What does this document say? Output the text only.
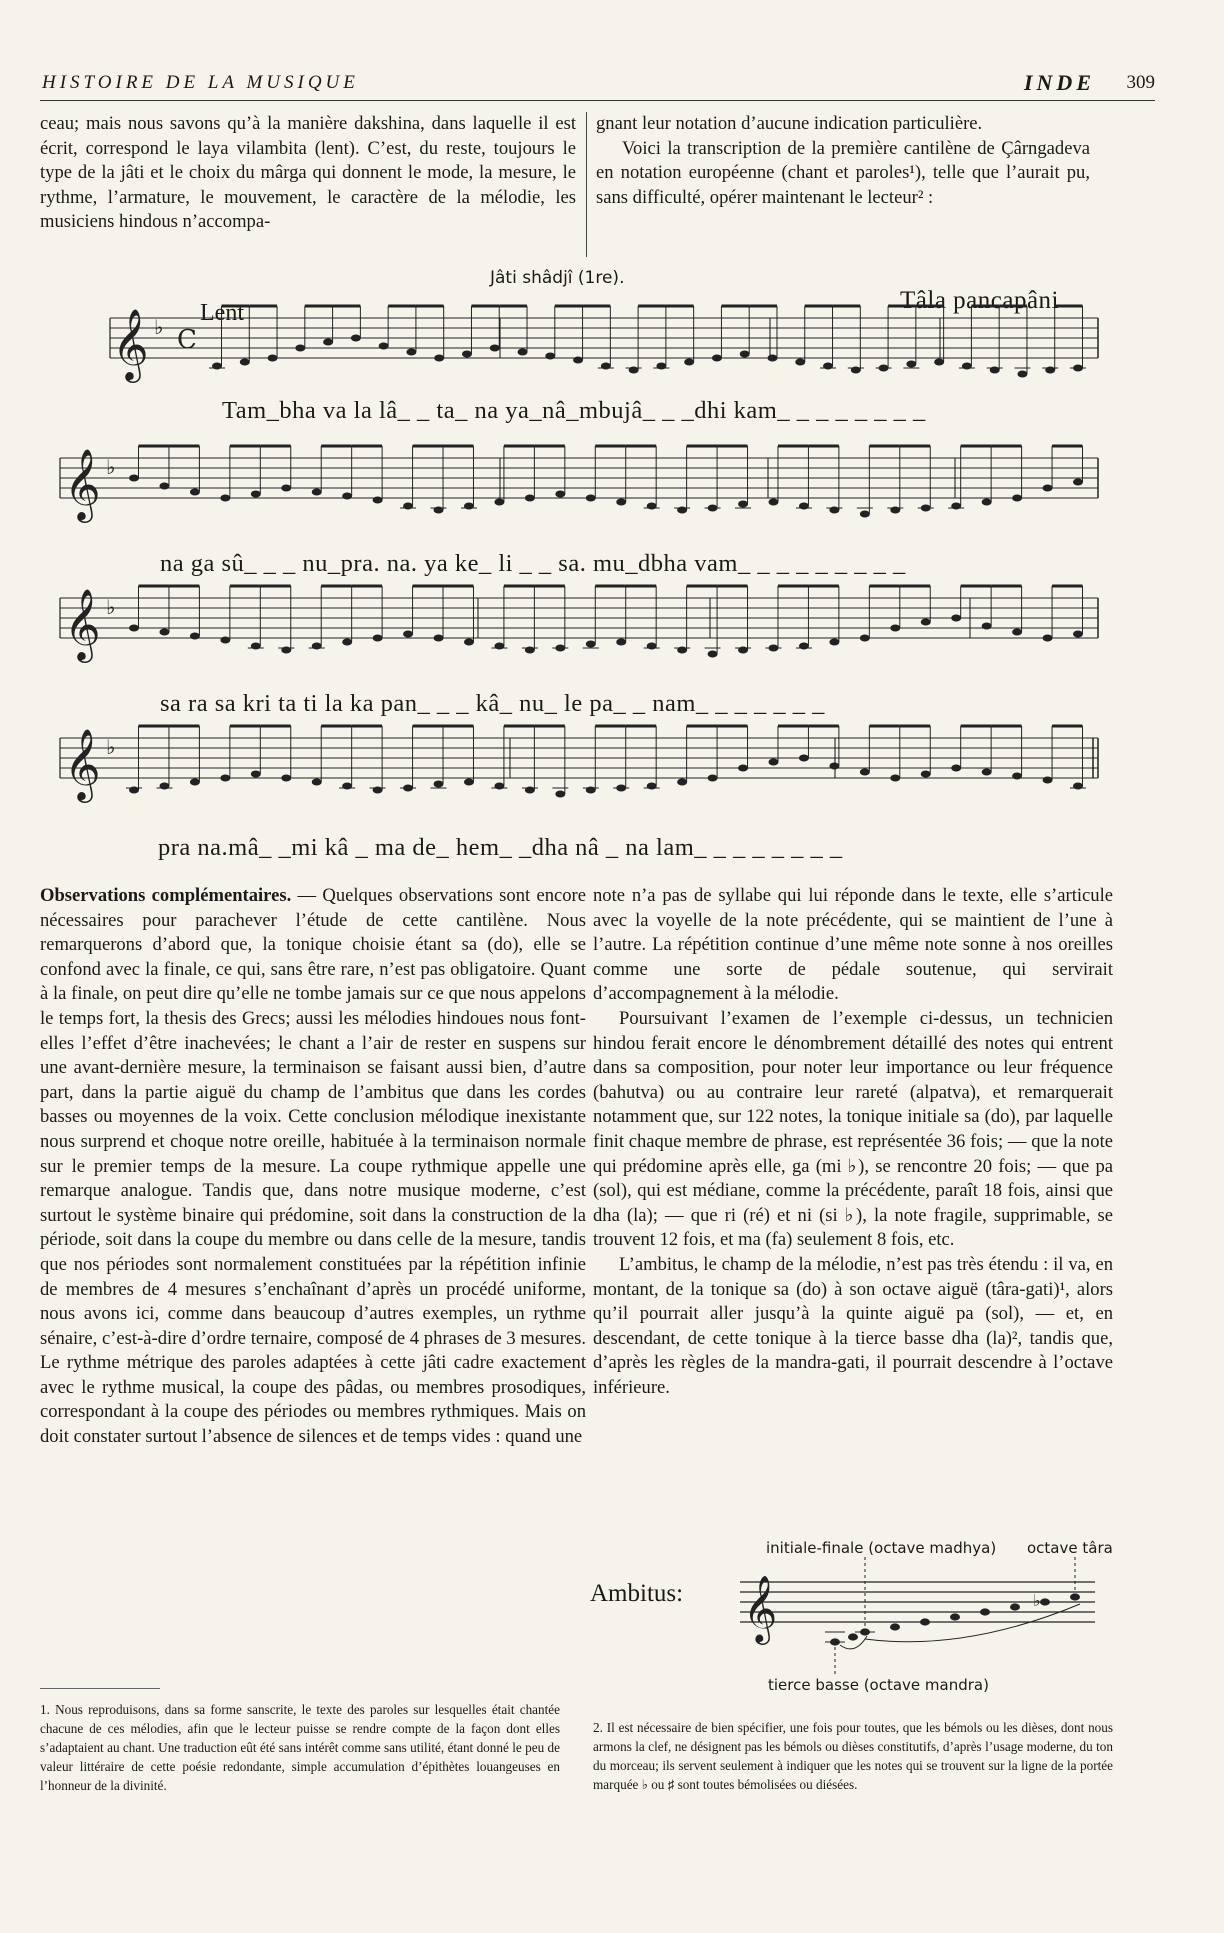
HISTOIRE DE LA MUSIQUE	INDE 309

ceau; mais nous savons qu’à la manière dakshina, dans laquelle il est écrit, correspond le laya vilambita (lent). C’est, du reste, toujours le type de la jâti et le choix du mârga qui donnent le mode, la mesure, le rythme, l’armature, le mouvement, le caractère de la mélodie, les musiciens hindous n’accompa-

gnant leur notation d’aucune indication particulière.

Voici la transcription de la première cantilène de Çârngadeva en notation européenne (chant et paroles¹), telle que l’aurait pu, sans difficulté, opérer maintenant le lecteur² :

Jâti shâdjî (1re).
Lent	Tâla pancapâni
𝄞 ♭ C
𝄞 ♭
𝄞 ♭
𝄞 ♭
Tam_bha va la lâ_ _ ta_ na ya_nâ_mbujâ_ _ _dhi kam_ _ _ _ _ _ _ _
na ga sû_ _ _ nu_pra. na. ya ke_ li _ _ sa. mu_dbha vam_ _ _ _ _ _ _ _ _
sa ra sa kri ta ti la ka pan_ _ _ kâ_ nu_ le pa_ _ nam_ _ _ _ _ _ _
pra na.mâ_ _mi kâ _ ma de_ hem_ _dha nâ _ na lam_ _ _ _ _ _ _ _

Observations complémentaires. — Quelques observations sont encore nécessaires pour parachever l’étude de cette cantilène. Nous remarquerons d’abord que, la tonique choisie étant sa (do), elle se confond avec la finale, ce qui, sans être rare, n’est pas obligatoire. Quant à la finale, on peut dire qu’elle ne tombe jamais sur ce que nous appelons le temps fort, la thesis des Grecs; aussi les mélodies hindoues nous font-elles l’effet d’être inachevées; le chant a l’air de rester en suspens sur une avant-dernière mesure, la terminaison se faisant aussi bien, d’autre part, dans la partie aiguë du champ de l’ambitus que dans les cordes basses ou moyennes de la voix. Cette conclusion mélodique inexistante nous surprend et choque notre oreille, habituée à la terminaison normale sur le premier temps de la mesure. La coupe rythmique appelle une remarque analogue. Tandis que, dans notre musique moderne, c’est surtout le système binaire qui prédomine, soit dans la construction de la période, soit dans la coupe du membre ou dans celle de la mesure, tandis que nos périodes sont normalement constituées par la répétition infinie de membres de 4 mesures s’enchaînant d’après un procédé uniforme, nous avons ici, comme dans beaucoup d’autres exemples, un rythme sénaire, c’est-à-dire d’ordre ternaire, composé de 4 phrases de 3 mesures. Le rythme métrique des paroles adaptées à cette jâti cadre exactement avec le rythme musical, la coupe des pâdas, ou membres prosodiques, correspondant à la coupe des périodes ou membres rythmiques. Mais on doit constater surtout l’absence de silences et de temps vides : quand une

note n’a pas de syllabe qui lui réponde dans le texte, elle s’articule avec la voyelle de la note précédente, qui se maintient de l’une à l’autre. La répétition continue d’une même note sonne à nos oreilles comme une sorte de pédale soutenue, qui servirait d’accompagnement à la mélodie.

Poursuivant l’examen de l’exemple ci-dessus, un technicien hindou ferait encore le dénombrement détaillé des notes qui entrent dans sa composition, pour noter leur importance ou leur fréquence (bahutva) ou au contraire leur rareté (alpatva), et remarquerait notamment que, sur 122 notes, la tonique initiale sa (do), par laquelle finit chaque membre de phrase, est représentée 36 fois; — que la note qui prédomine après elle, ga (mi ♭), se rencontre 20 fois; — que pa (sol), qui est médiane, comme la précédente, paraît 18 fois, ainsi que dha (la); — que ri (ré) et ni (si ♭), la note fragile, supprimable, se trouvent 12 fois, et ma (fa) seulement 8 fois, etc.

L’ambitus, le champ de la mélodie, n’est pas très étendu : il va, en montant, de la tonique sa (do) à son octave aiguë (târa-gati)¹, alors qu’il pourrait aller jusqu’à la quinte aiguë pa (sol), — et, en descendant, de cette tonique à la tierce basse dha (la)², tandis que, d’après les règles de la mandra-gati, il pourrait descendre à l’octave inférieure.

Ambitus:
initiale-finale (octave madhya) octave târa
tierce basse (octave mandra)
𝄞	♭
1. Nous reproduisons, dans sa forme sanscrite, le texte des paroles sur lesquelles était chantée chacune de ces mélodies, afin que le lecteur puisse se rendre compte de la façon dont elles s’adaptaient au chant. Une traduction eût été sans intérêt comme sans utilité, étant donné le peu de valeur littéraire de cette poésie redondante, simple accumulation d’épithètes louangeuses en l’honneur de la divinité.
2. Il est nécessaire de bien spécifier, une fois pour toutes, que les bémols ou les dièses, dont nous armons la clef, ne désignent pas les bémols ou dièses constitutifs, d’après l’usage moderne, du ton du morceau; ils servent seulement à indiquer que les notes qui se trouvent sur la ligne de la portée marquée ♭ ou ♯ sont toutes bémolisées ou diésées.
